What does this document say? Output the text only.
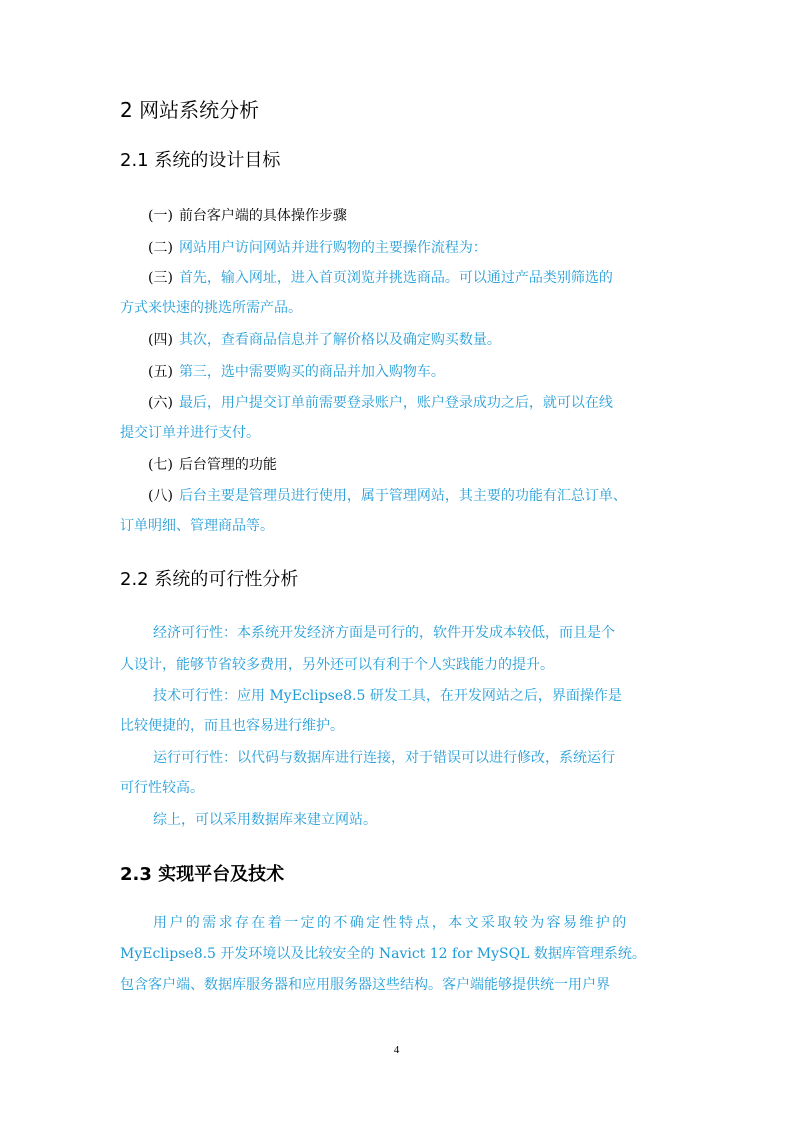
2 网站系统分析
2.1 系统的设计目标
(一) 前台客户端的具体操作步骤
(二) 网站用户访问网站并进行购物的主要操作流程为：
(三) 首先，输入网址，进入首页浏览并挑选商品。可以通过产品类别筛选的
方式来快速的挑选所需产品。
(四) 其次，查看商品信息并了解价格以及确定购买数量。
(五) 第三，选中需要购买的商品并加入购物车。
(六) 最后，用户提交订单前需要登录账户，账户登录成功之后，就可以在线
提交订单并进行支付。
(七) 后台管理的功能
(八) 后台主要是管理员进行使用，属于管理网站，其主要的功能有汇总订单、
订单明细、管理商品等。
2.2 系统的可行性分析
经济可行性：本系统开发经济方面是可行的，软件开发成本较低，而且是个
人设计，能够节省较多费用，另外还可以有利于个人实践能力的提升。
技术可行性：应用 MyEclipse8.5 研发工具，在开发网站之后，界面操作是
比较便捷的，而且也容易进行维护。
运行可行性：以代码与数据库进行连接，对于错误可以进行修改，系统运行
可行性较高。
综上，可以采用数据库来建立网站。
2.3 实现平台及技术
用户的需求存在着一定的不确定性特点，本文采取较为容易维护的
MyEclipse8.5 开发环境以及比较安全的 Navict 12 for MySQL 数据库管理系统。
包含客户端、数据库服务器和应用服务器这些结构。客户端能够提供统一用户界
4
